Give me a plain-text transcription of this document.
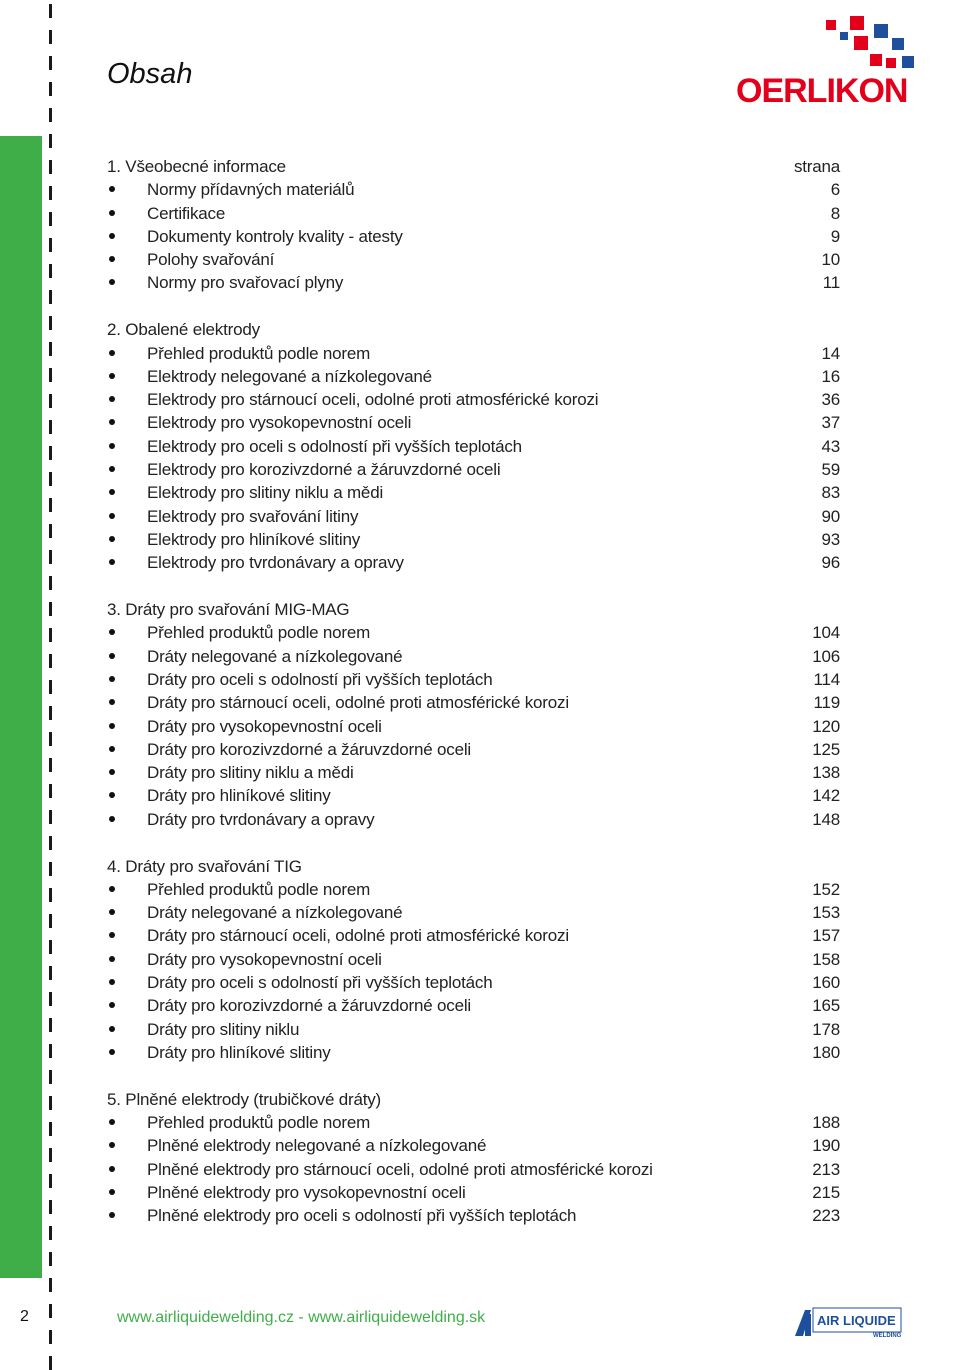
Obsah	OERLIKON
1. Všeobecné informace	strana
Normy přídavných materiálů	6
Certifikace	8
Dokumenty kontroly kvality - atesty	9
Polohy svařování	10
Normy pro svařovací plyny	11
2. Obalené elektrody
Přehled produktů podle norem	14
Elektrody nelegované a nízkolegované	16
Elektrody pro stárnoucí oceli, odolné proti atmosférické korozi	36
Elektrody pro vysokopevnostní oceli	37
Elektrody pro oceli s odolností při vyšších teplotách	43
Elektrody pro korozivzdorné a žáruvzdorné oceli	59
Elektrody pro slitiny niklu a mědi	83
Elektrody pro svařování litiny	90
Elektrody pro hliníkové slitiny	93
Elektrody pro tvrdonávary a opravy	96
3. Dráty pro svařování MIG-MAG
Přehled produktů podle norem	104
Dráty nelegované a nízkolegované	106
Dráty pro oceli s odolností při vyšších teplotách	114
Dráty pro stárnoucí oceli, odolné proti atmosférické korozi	119
Dráty pro vysokopevnostní oceli	120
Dráty pro korozivzdorné a žáruvzdorné oceli	125
Dráty pro slitiny niklu a mědi	138
Dráty pro hliníkové slitiny	142
Dráty pro tvrdonávary a opravy	148
4. Dráty pro svařování TIG
Přehled produktů podle norem	152
Dráty nelegované a nízkolegované	153
Dráty pro stárnoucí oceli, odolné proti atmosférické korozi	157
Dráty pro vysokopevnostní oceli	158
Dráty pro oceli s odolností při vyšších teplotách	160
Dráty pro korozivzdorné a žáruvzdorné oceli	165
Dráty pro slitiny niklu	178
Dráty pro hliníkové slitiny	180
5. Plněné elektrody (trubičkové dráty)
Přehled produktů podle norem	188
Plněné elektrody nelegované a nízkolegované	190
Plněné elektrody pro stárnoucí oceli, odolné proti atmosférické korozi	213
Plněné elektrody pro vysokopevnostní oceli	215
Plněné elektrody pro oceli s odolností při vyšších teplotách	223
2	www.airliquidewelding.cz - www.airliquidewelding.sk	AIR LIQUIDE
WELDING
